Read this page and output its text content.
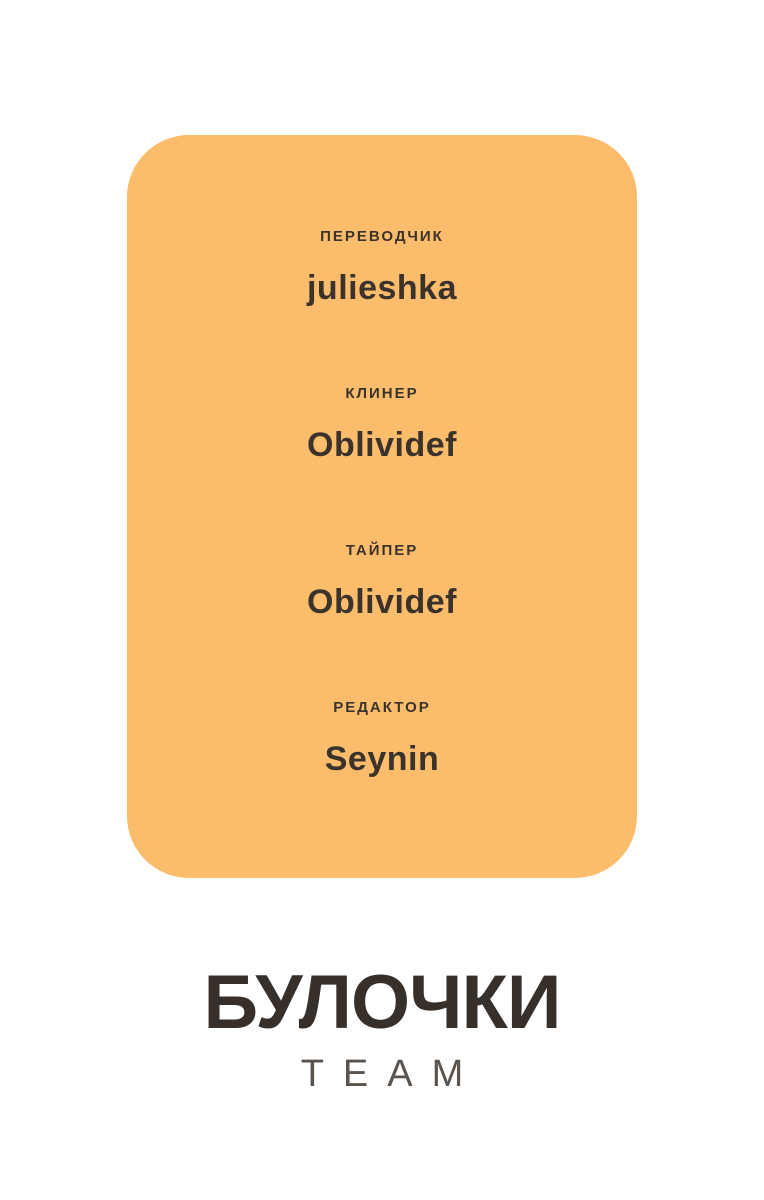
ПЕРЕВОДЧИК
julieshka
КЛИНЕР
Oblividef
ТАЙПЕР
Oblividef
РЕДАКТОР
Seynin
БУЛОЧКИ
TEAM
